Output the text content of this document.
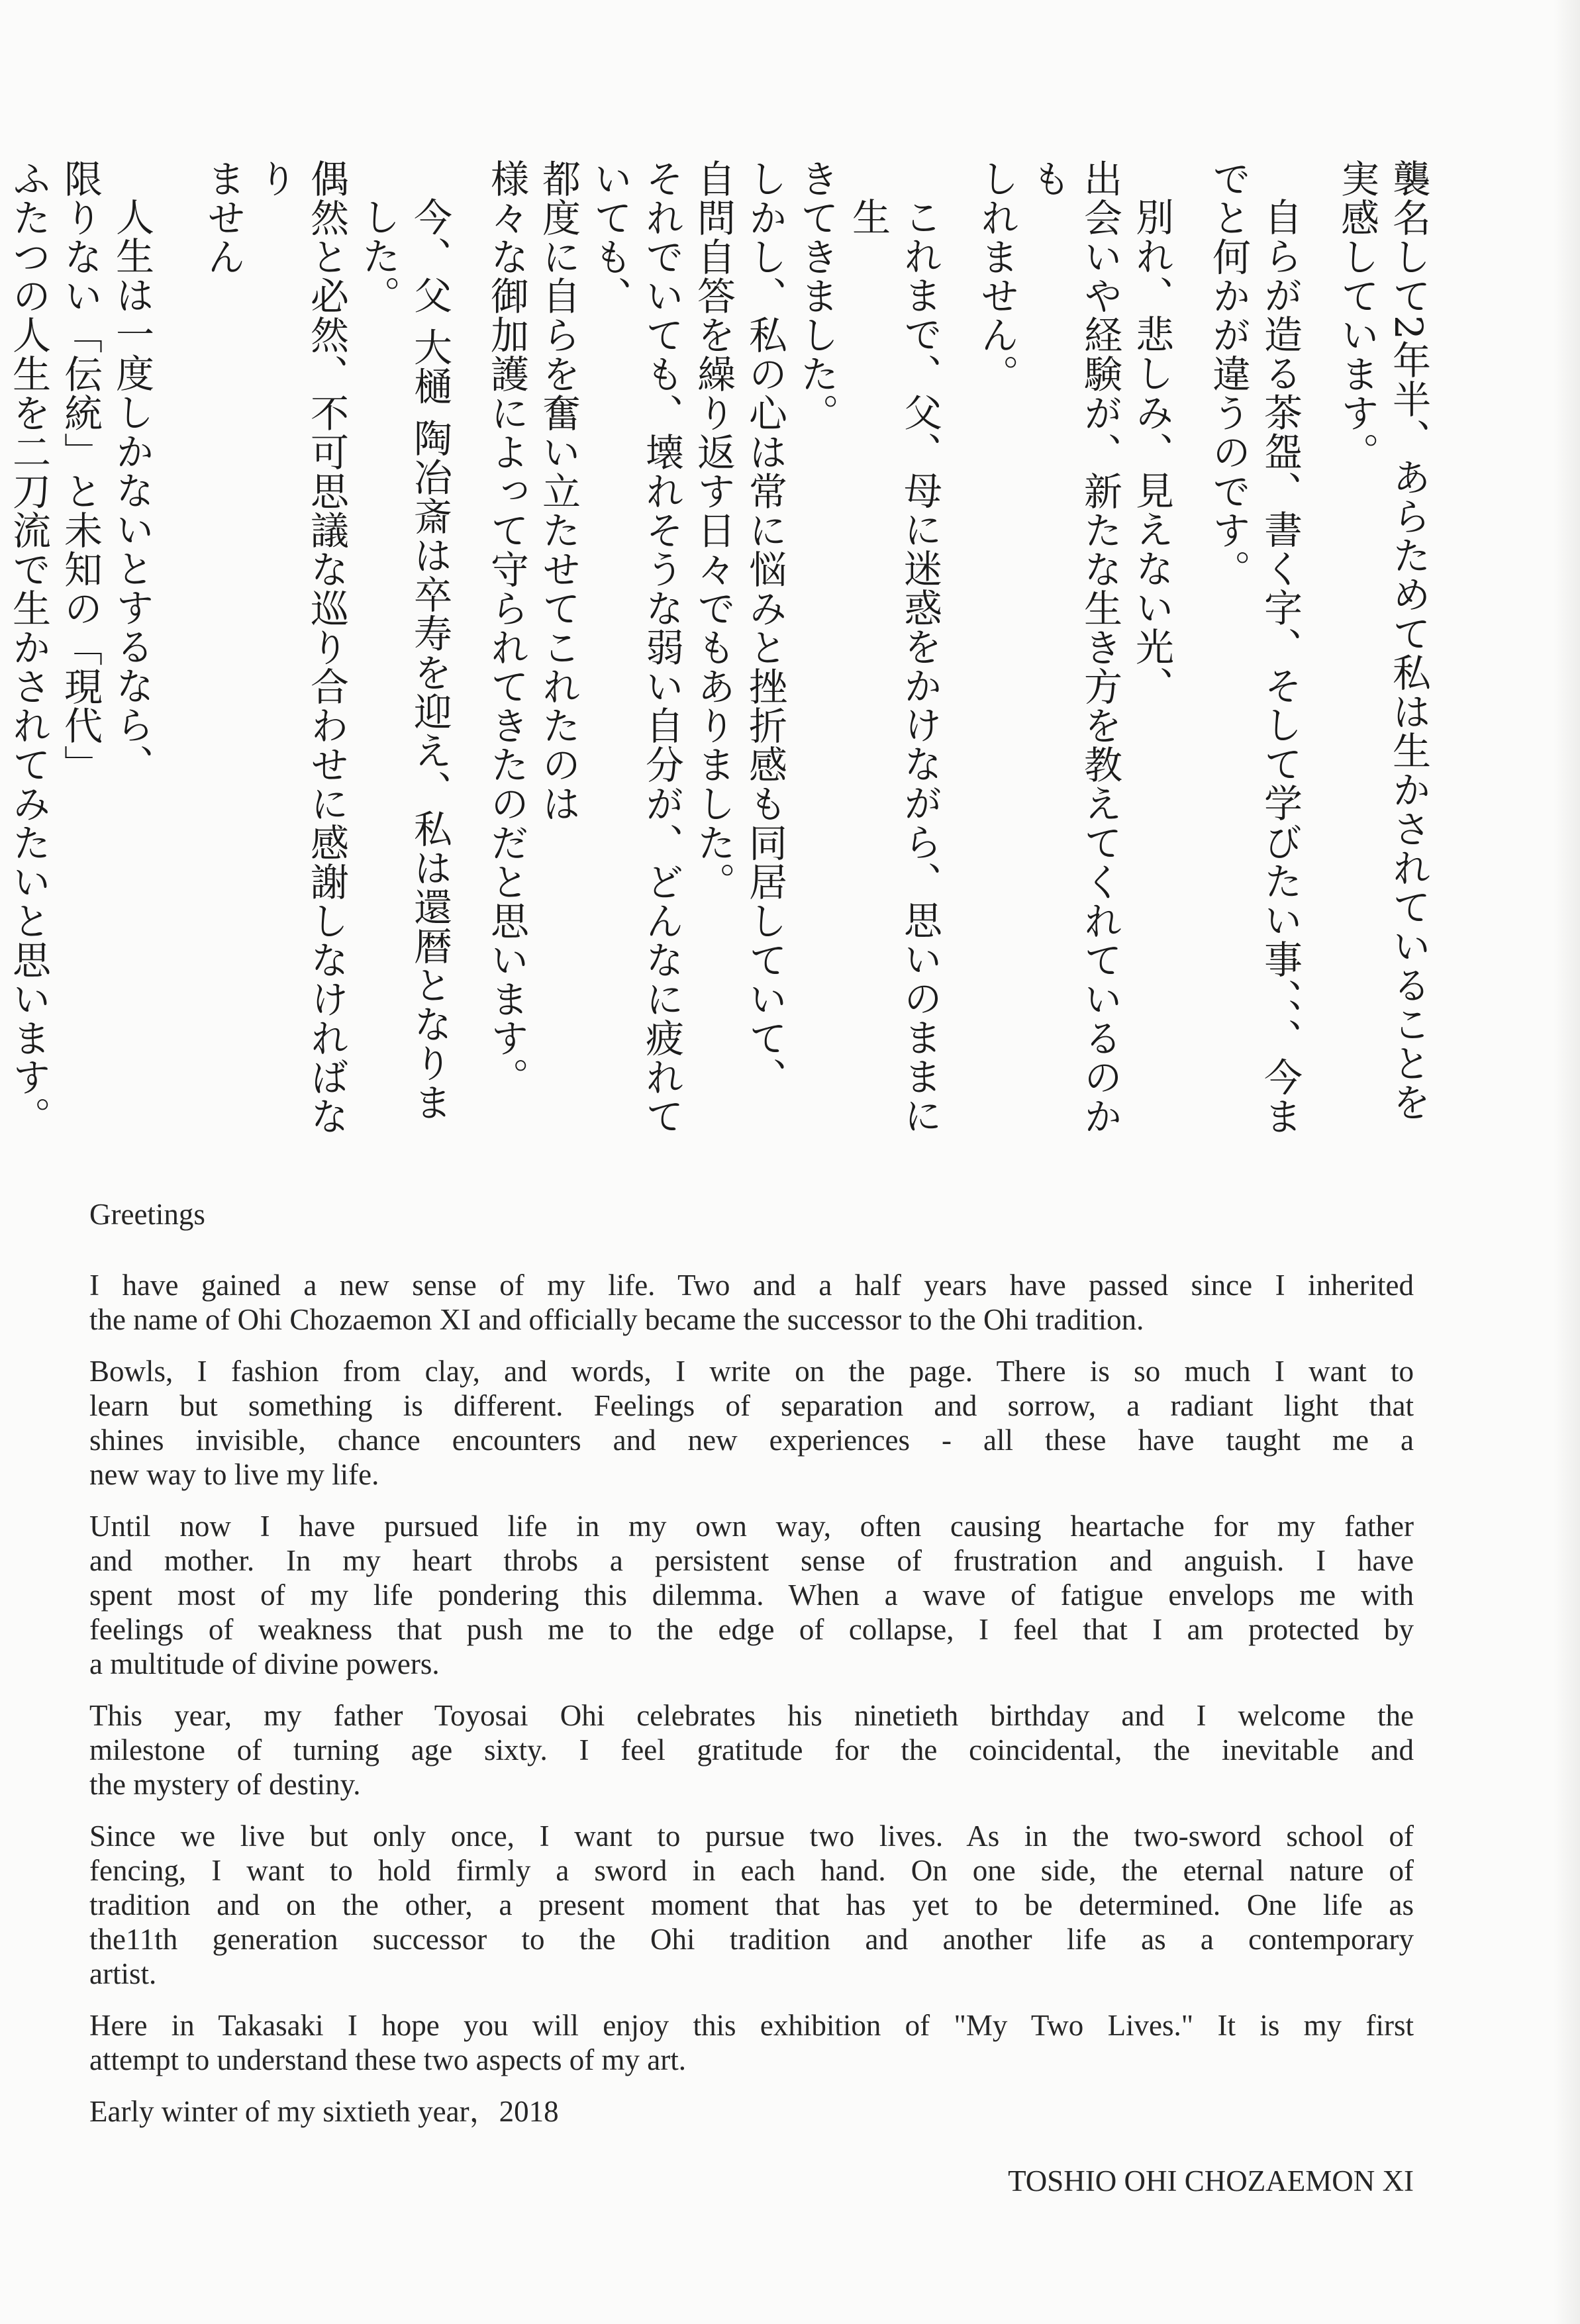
襲名して2年半、あらためて私は生かされていることを
実感しています。

自らが造る茶盌、書く字、そして学びたい事、、、今ま
でと何かが違うのです。

別れ、悲しみ、見えない光、
出会いや経験が、新たな生き方を教えてくれているのかも
しれません。

これまで、父、母に迷惑をかけながら、思いのままに生
きてきました。
しかし、私の心は常に悩みと挫折感も同居していて、
自問自答を繰り返す日々でもありました。
それでいても、壊れそうな弱い自分が、どんなに疲れていても、
都度に自らを奮い立たせてこれたのは
様々な御加護によって守られてきたのだと思います。

今、父 大樋 陶冶斎は卒寿を迎え、私は還暦となりました。
偶然と必然、不可思議な巡り合わせに感謝しなければなり
ません

人生は一度しかないとするなら、
限りない「伝統」と未知の「現代」
ふたつの人生を二刀流で生かされてみたいと思います。

Greetings

I have gained a new sense of my life. Two and a half years have passed since I inherited
the name of Ohi Chozaemon XI and officially became the successor to the Ohi tradition.

Bowls, I fashion from clay, and words, I write on the page. There is so much I want to
learn but something is different. Feelings of separation and sorrow, a radiant light that
shines invisible, chance encounters and new experiences - all these have taught me a
new way to live my life.

Until now I have pursued life in my own way, often causing heartache for my father
and mother. In my heart throbs a persistent sense of frustration and anguish. I have
spent most of my life pondering this dilemma. When a wave of fatigue envelops me with
feelings of weakness that push me to the edge of collapse, I feel that I am protected by
a multitude of divine powers.

This year, my father Toyosai Ohi celebrates his ninetieth birthday and I welcome the
milestone of turning age sixty. I feel gratitude for the coincidental, the inevitable and
the mystery of destiny.

Since we live but only once, I want to pursue two lives. As in the two-sword school of
fencing, I want to hold firmly a sword in each hand. On one side, the eternal nature of
tradition and on the other, a present moment that has yet to be determined. One life as
the11th generation successor to the Ohi tradition and another life as a contemporary
artist.

Here in Takasaki I hope you will enjoy this exhibition of "My Two Lives." It is my first
attempt to understand these two aspects of my art.

Early winter of my sixtieth year，2018

TOSHIO OHI CHOZAEMON XI
